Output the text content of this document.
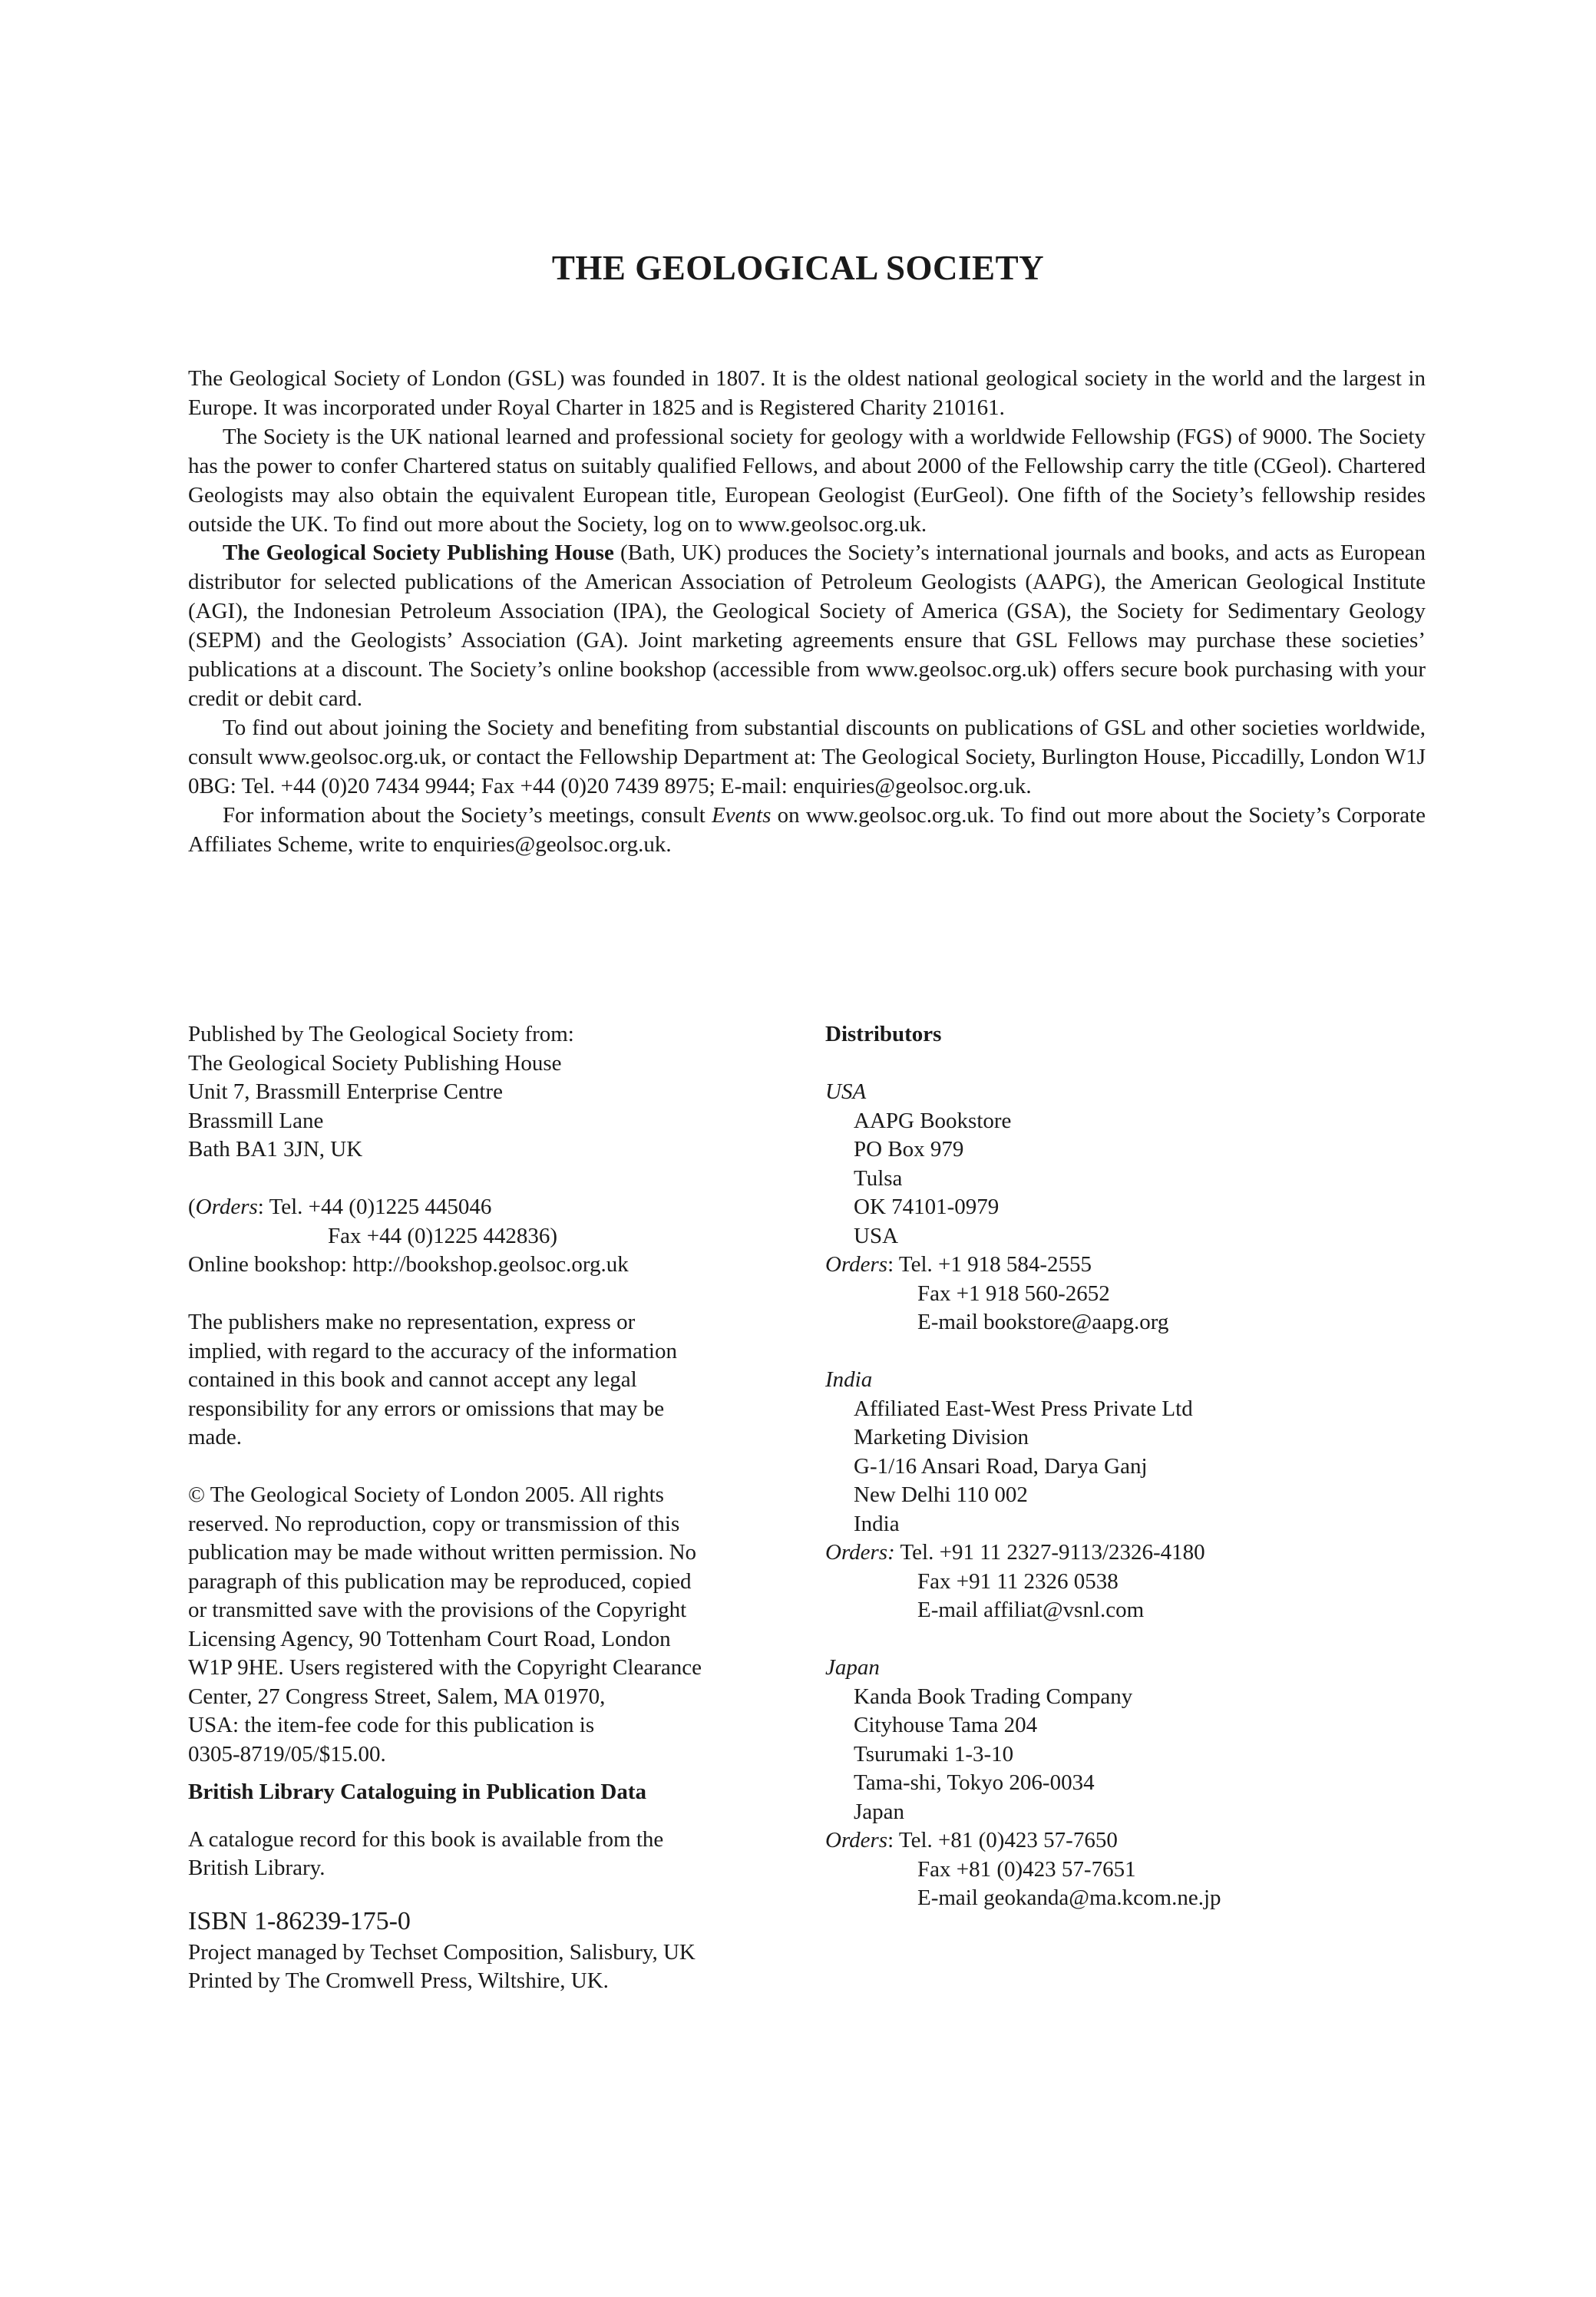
THE GEOLOGICAL SOCIETY

The Geological Society of London (GSL) was founded in 1807. It is the oldest national geological society in the world and the largest in Europe. It was incorporated under Royal Charter in 1825 and is Registered Charity 210161.

The Society is the UK national learned and professional society for geology with a worldwide Fellowship (FGS) of 9000. The Society has the power to confer Chartered status on suitably qualified Fellows, and about 2000 of the Fellowship carry the title (CGeol). Chartered Geologists may also obtain the equivalent European title, European Geologist (EurGeol). One fifth of the Society’s fellowship resides outside the UK. To find out more about the Society, log on to www.geolsoc.org.uk.

The Geological Society Publishing House (Bath, UK) produces the Society’s international journals and books, and acts as European distributor for selected publications of the American Association of Petroleum Geologists (AAPG), the American Geological Institute (AGI), the Indonesian Petroleum Association (IPA), the Geological Society of America (GSA), the Society for Sedimentary Geology (SEPM) and the Geologists’ Association (GA). Joint marketing agreements ensure that GSL Fellows may purchase these societies’ publications at a discount. The Society’s online bookshop (accessible from www.geolsoc.org.uk) offers secure book purchasing with your credit or debit card.

To find out about joining the Society and benefiting from substantial discounts on publications of GSL and other societies worldwide, consult www.geolsoc.org.uk, or contact the Fellowship Department at: The Geological Society, Burlington House, Piccadilly, London W1J 0BG: Tel. +44 (0)20 7434 9944; Fax +44 (0)20 7439 8975; E-mail: enquiries@geolsoc.org.uk.

For information about the Society’s meetings, consult Events on www.geolsoc.org.uk. To find out more about the Society’s Corporate Affiliates Scheme, write to enquiries@geolsoc.org.uk.

Published by The Geological Society from:
The Geological Society Publishing House
Unit 7, Brassmill Enterprise Centre
Brassmill Lane
Bath BA1 3JN, UK
(Orders: Tel. +44 (0)1225 445046
Fax +44 (0)1225 442836)
Online bookshop: http://bookshop.geolsoc.org.uk
The publishers make no representation, express or
implied, with regard to the accuracy of the information
contained in this book and cannot accept any legal
responsibility for any errors or omissions that may be
made.
© The Geological Society of London 2005. All rights
reserved. No reproduction, copy or transmission of this
publication may be made without written permission. No
paragraph of this publication may be reproduced, copied
or transmitted save with the provisions of the Copyright
Licensing Agency, 90 Tottenham Court Road, London
W1P 9HE. Users registered with the Copyright Clearance
Center, 27 Congress Street, Salem, MA 01970,
USA: the item-fee code for this publication is
0305-8719/05/$15.00.
British Library Cataloguing in Publication Data
A catalogue record for this book is available from the
British Library.
ISBN 1-86239-175-0
Project managed by Techset Composition, Salisbury, UK
Printed by The Cromwell Press, Wiltshire, UK.
Distributors
USA
AAPG Bookstore
PO Box 979
Tulsa
OK 74101-0979
USA
Orders: Tel. +1 918 584-2555
Fax +1 918 560-2652
E-mail bookstore@aapg.org
India
Affiliated East-West Press Private Ltd
Marketing Division
G-1/16 Ansari Road, Darya Ganj
New Delhi 110 002
India
Orders: Tel. +91 11 2327-9113/2326-4180
Fax +91 11 2326 0538
E-mail affiliat@vsnl.com
Japan
Kanda Book Trading Company
Cityhouse Tama 204
Tsurumaki 1-3-10
Tama-shi, Tokyo 206-0034
Japan
Orders: Tel. +81 (0)423 57-7650
Fax +81 (0)423 57-7651
E-mail geokanda@ma.kcom.ne.jp
